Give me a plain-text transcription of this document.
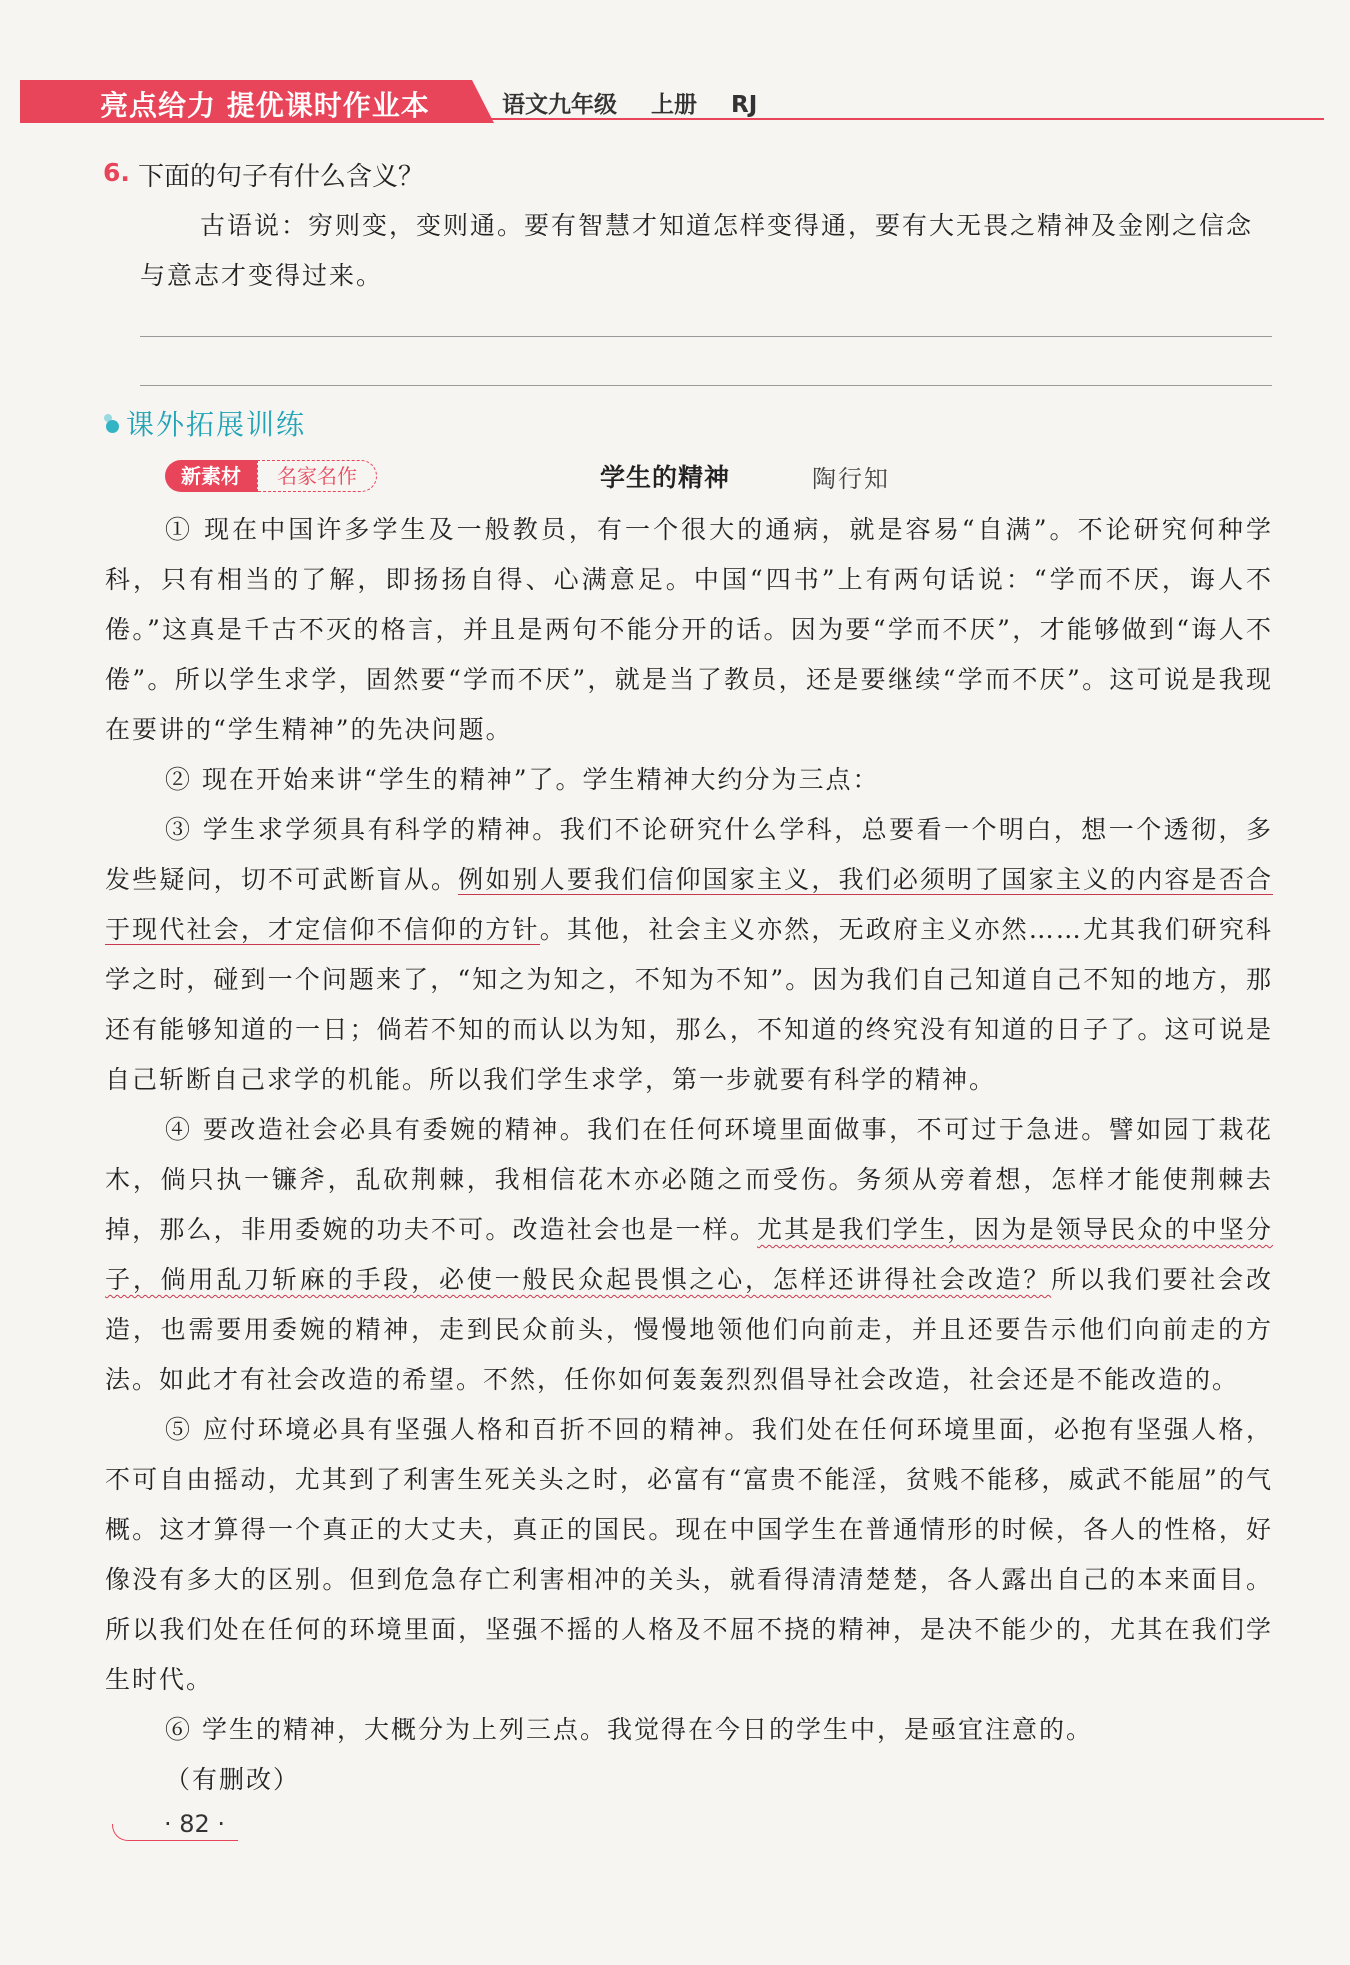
亮点给力 提优课时作业本	语文九年级 上册 RJ
6. 下面的句子有什么含义？
古语说：穷则变，变则通。要有智慧才知道怎样变得通，要有大无畏之精神及金刚之信念与意志才变得过来。
课外拓展训练
新素材	名家名作	学生的精神	陶行知

① 现在中国许多学生及一般教员，有一个很大的通病，就是容易“自满”。不论研究何种学科，只有相当的了解，即扬扬自得、心满意足。中国“四书”上有两句话说：“学而不厌，诲人不倦。”这真是千古不灭的格言，并且是两句不能分开的话。因为要“学而不厌”，才能够做到“诲人不倦”。所以学生求学，固然要“学而不厌”，就是当了教员，还是要继续“学而不厌”。这可说是我现在要讲的“学生精神”的先决问题。

② 现在开始来讲“学生的精神”了。学生精神大约分为三点：

③ 学生求学须具有科学的精神。我们不论研究什么学科，总要看一个明白，想一个透彻，多发些疑问，切不可武断盲从。例如别人要我们信仰国家主义，我们必须明了国家主义的内容是否合于现代社会，才定信仰不信仰的方针。其他，社会主义亦然，无政府主义亦然……尤其我们研究科学之时，碰到一个问题来了，“知之为知之，不知为不知”。因为我们自己知道自己不知的地方，那还有能够知道的一日；倘若不知的而认以为知，那么，不知道的终究没有知道的日子了。这可说是自己斩断自己求学的机能。所以我们学生求学，第一步就要有科学的精神。

④ 要改造社会必具有委婉的精神。我们在任何环境里面做事，不可过于急进。譬如园丁栽花木，倘只执一镰斧，乱砍荆棘，我相信花木亦必随之而受伤。务须从旁着想，怎样才能使荆棘去掉，那么，非用委婉的功夫不可。改造社会也是一样。尤其是我们学生，因为是领导民众的中坚分子，倘用乱刀斩麻的手段，必使一般民众起畏惧之心，怎样还讲得社会改造？所以我们要社会改造，也需要用委婉的精神，走到民众前头，慢慢地领他们向前走，并且还要告示他们向前走的方法。如此才有社会改造的希望。不然，任你如何轰轰烈烈倡导社会改造，社会还是不能改造的。

⑤ 应付环境必具有坚强人格和百折不回的精神。我们处在任何环境里面，必抱有坚强人格，不可自由摇动，尤其到了利害生死关头之时，必富有“富贵不能淫，贫贱不能移，威武不能屈”的气概。这才算得一个真正的大丈夫，真正的国民。现在中国学生在普通情形的时候，各人的性格，好像没有多大的区别。但到危急存亡利害相冲的关头，就看得清清楚楚，各人露出自己的本来面目。所以我们处在任何的环境里面，坚强不摇的人格及不屈不挠的精神，是决不能少的，尤其在我们学生时代。

⑥ 学生的精神，大概分为上列三点。我觉得在今日的学生中，是亟宜注意的。

（有删改）

· 82 ·
